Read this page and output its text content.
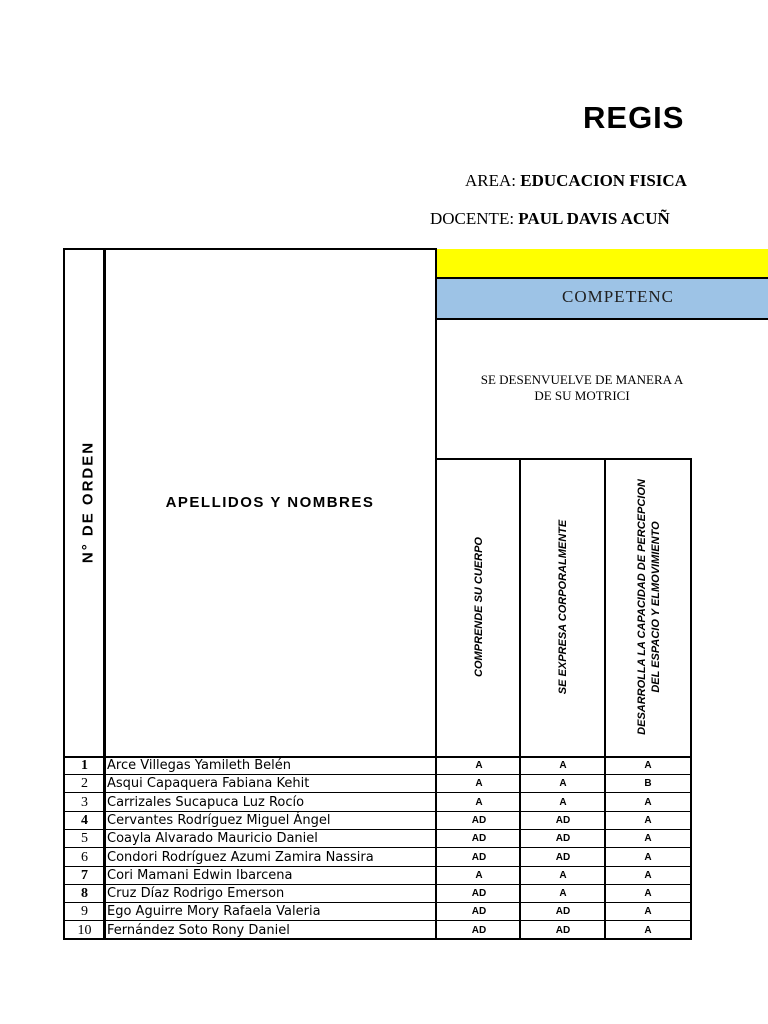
REGIS
AREA: EDUCACION FISICA
DOCENTE: PAUL DAVIS ACUÑ
COMPETENC
SE DESENVUELVE DE MANERA A
DE SU MOTRICI
N° DE ORDEN	APELLIDOS Y NOMBRES
COMPRENDE SU CUERPO	SE EXPRESA CORPORALMENTE	DESARROLLA LA CAPACIDAD DE PERCEPCION DEL ESPACIO Y ELMOVIMIENTO
1	Arce Villegas Yamileth Belén	A	A	A
2	Asqui Capaquera Fabiana Kehit	A	A	B
3	Carrizales Sucapuca Luz Rocío	A	A	A
4	Cervantes Rodríguez Miguel Ángel	AD	AD	A
5	Coayla Alvarado Mauricio Daniel	AD	AD	A
6	Condori Rodríguez Azumi Zamira Nassira	AD	AD	A
7	Cori Mamani Edwin Ibarcena	A	A	A
8	Cruz Díaz Rodrigo Emerson	AD	A	A
9	Ego Aguirre Mory Rafaela Valeria	AD	AD	A
10	Fernández Soto Rony Daniel	AD	AD	A
